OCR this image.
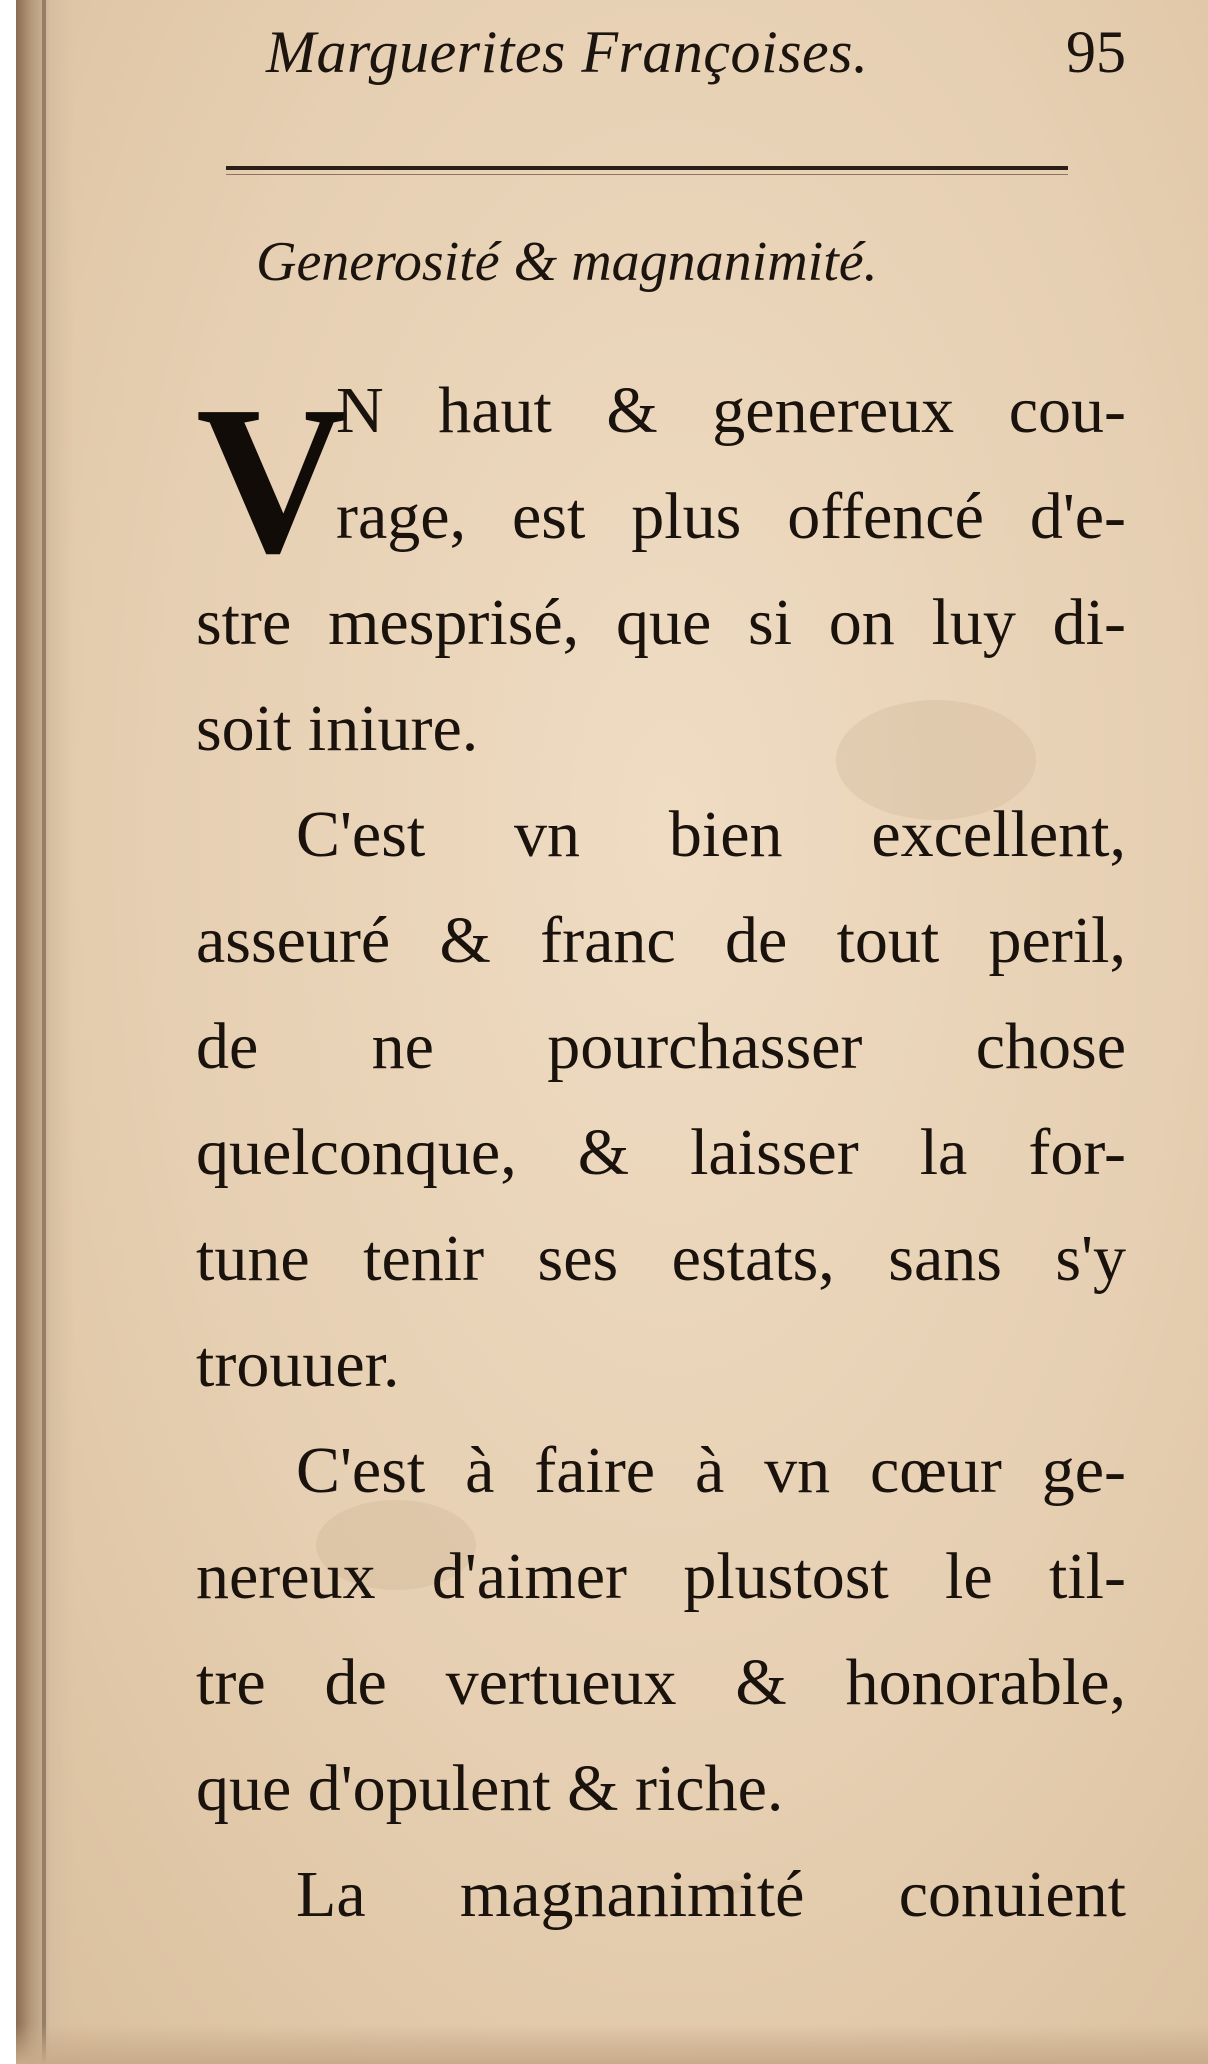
Marguerites Françoises.	95
Generosité & magnanimité.
V
N haut & genereux cou-
rage, est plus offencé d'e-
stre mesprisé, que si on luy di-
soit iniure.
C'est vn bien excellent,
asseuré & franc de tout peril,
de ne pourchasser chose
quelconque, & laisser la for-
tune tenir ses estats, sans s'y
trouuer.
C'est à faire à vn cœur ge-
nereux d'aimer plustost le til-
tre de vertueux & honorable,
que d'opulent & riche.
La magnanimité conuient
